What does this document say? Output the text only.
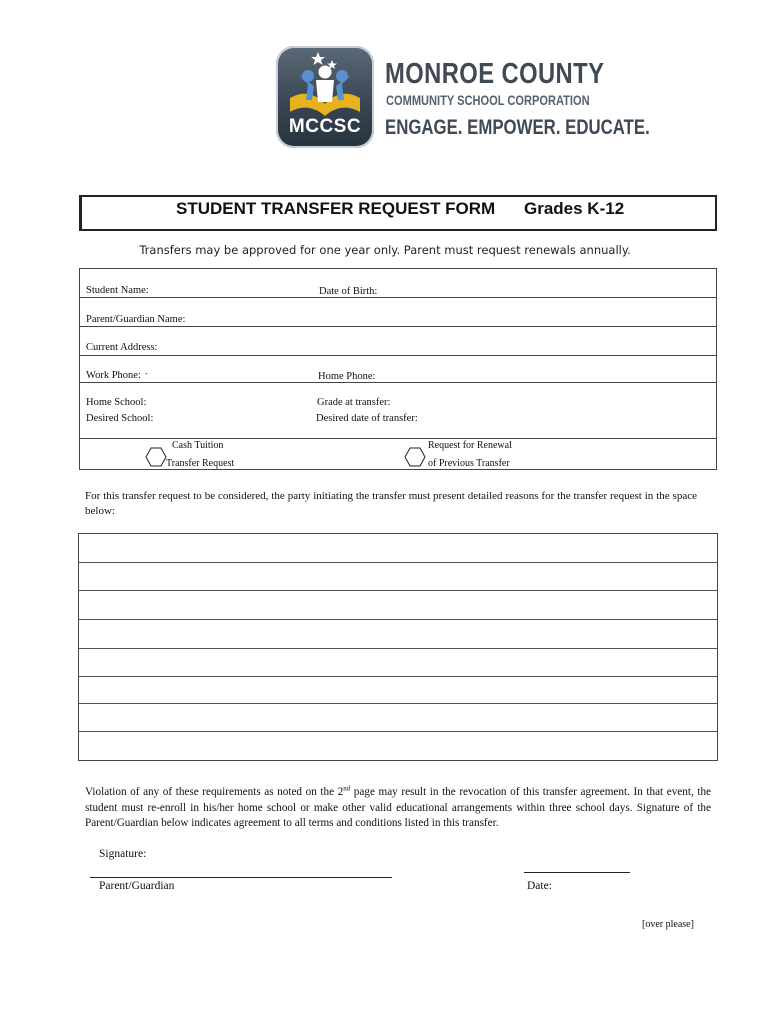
MCCSC
MONROE COUNTY
COMMUNITY SCHOOL CORPORATION
ENGAGE. EMPOWER. EDUCATE.
STUDENT TRANSFER REQUEST FORM Grades K-12
Transfers may be approved for one year only. Parent must request renewals annually.
Student Name:	Date of Birth:
Parent/Guardian Name:
Current Address:
Work Phone: -	Home Phone:
Home School:	Grade at transfer:
Desired School:	Desired date of transfer:
Cash Tuition
Transfer Request
Request for Renewal
of Previous Transfer
For this transfer request to be considered, the party initiating the transfer must present detailed reasons for the transfer request in the space below:
Violation of any of these requirements as noted on the 2nd page may result in the revocation of this transfer agreement. In that event, the student must re-enroll in his/her home school or make other valid educational arrangements within three school days. Signature of the Parent/Guardian below indicates agreement to all terms and conditions listed in this transfer.
Signature:
Parent/Guardian	Date:
[over please]
